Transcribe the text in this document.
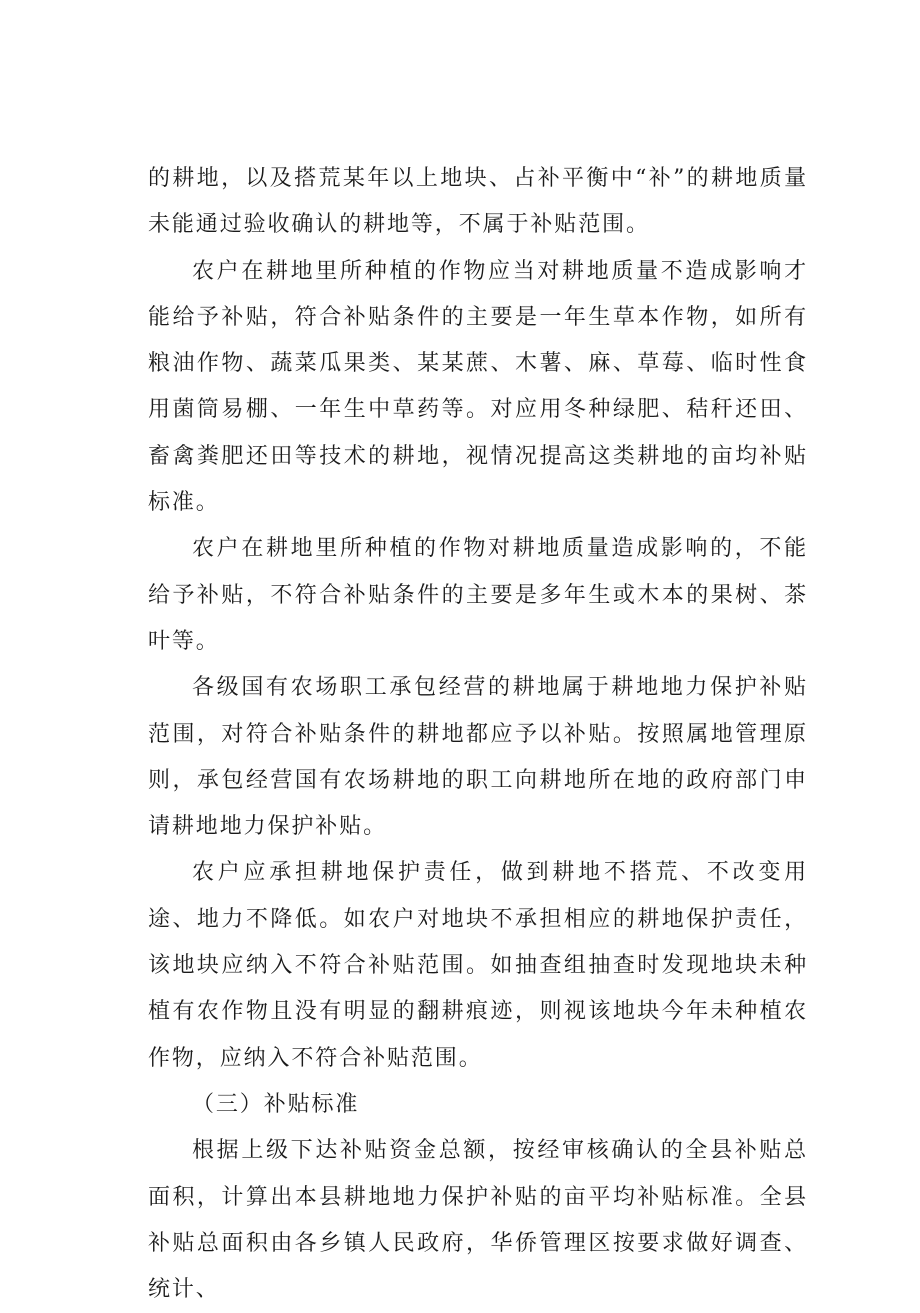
的耕地，以及搭荒某年以上地块、占补平衡中“补”的耕地质量未能通过验收确认的耕地等，不属于补贴范围。

农户在耕地里所种植的作物应当对耕地质量不造成影响才能给予补贴，符合补贴条件的主要是一年生草本作物，如所有粮油作物、蔬菜瓜果类、某某蔗、木薯、麻、草莓、临时性食用菌筒易棚、一年生中草药等。对应用冬种绿肥、秸秆还田、畜禽粪肥还田等技术的耕地，视情况提高这类耕地的亩均补贴标准。

农户在耕地里所种植的作物对耕地质量造成影响的，不能给予补贴，不符合补贴条件的主要是多年生或木本的果树、茶叶等。

各级国有农场职工承包经营的耕地属于耕地地力保护补贴范围，对符合补贴条件的耕地都应予以补贴。按照属地管理原则，承包经营国有农场耕地的职工向耕地所在地的政府部门申请耕地地力保护补贴。

农户应承担耕地保护责任，做到耕地不搭荒、不改变用途、地力不降低。如农户对地块不承担相应的耕地保护责任，该地块应纳入不符合补贴范围。如抽查组抽查时发现地块未种植有农作物且没有明显的翻耕痕迹，则视该地块今年未种植农作物，应纳入不符合补贴范围。

（三）补贴标准

根据上级下达补贴资金总额，按经审核确认的全县补贴总面积，计算出本县耕地地力保护补贴的亩平均补贴标准。全县补贴总面积由各乡镇人民政府，华侨管理区按要求做好调查、统计、
